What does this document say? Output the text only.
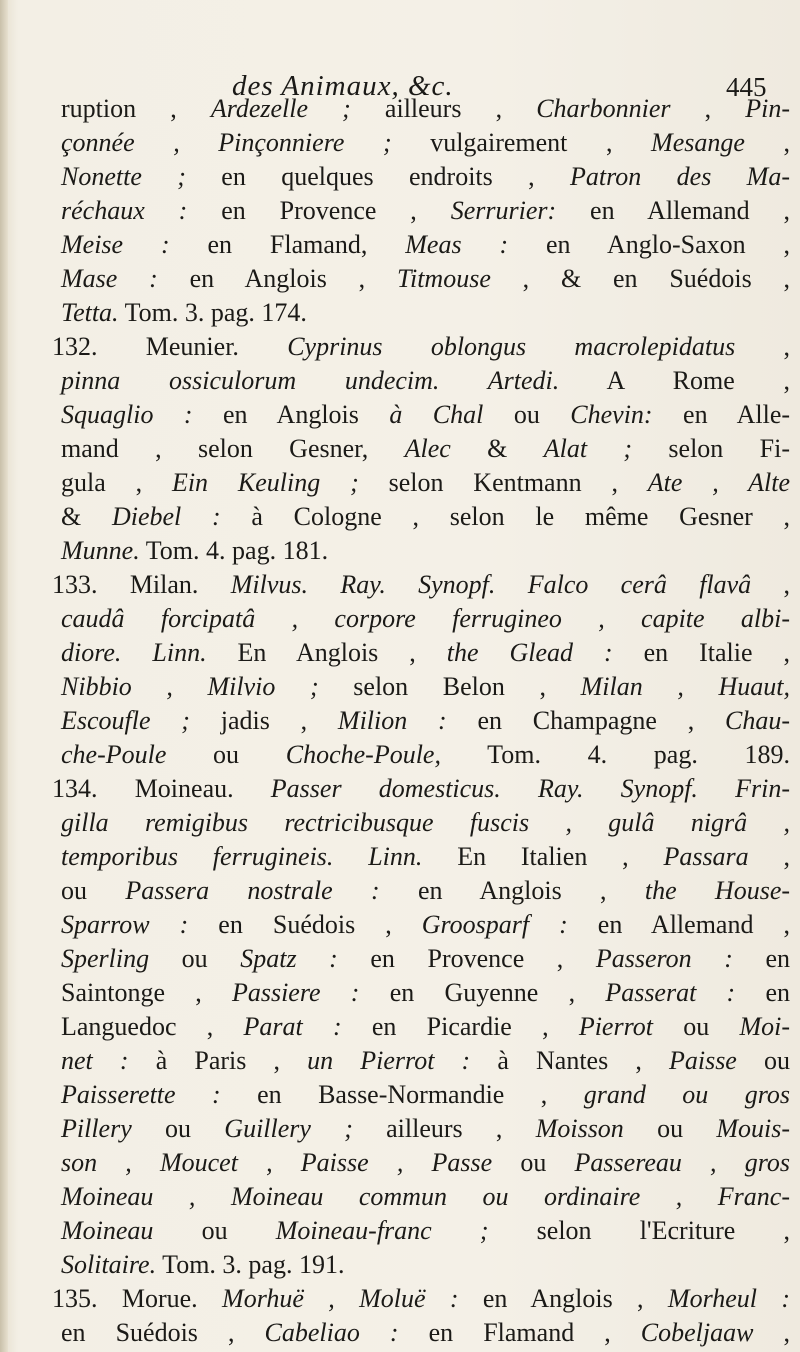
des Animaux, &c.	445
ruption , Ardezelle ; ailleurs , Charbonnier , Pin-
çonnée , Pinçonniere ; vulgairement , Mesange ,
Nonette ; en quelques endroits , Patron des Ma-
réchaux : en Provence , Serrurier: en Allemand ,
Meise : en Flamand, Meas : en Anglo-Saxon ,
Mase : en Anglois , Titmouse , & en Suédois ,
Tetta. Tom. 3. pag. 174.
132. Meunier. Cyprinus oblongus macrolepidatus ,
pinna ossiculorum undecim. Artedi. A Rome ,
Squaglio : en Anglois à Chal ou Chevin: en Alle-
mand , selon Gesner, Alec & Alat ; selon Fi-
gula , Ein Keuling ; selon Kentmann , Ate , Alte
& Diebel : à Cologne , selon le même Gesner ,
Munne. Tom. 4. pag. 181.
133. Milan. Milvus. Ray. Synopf. Falco cerâ flavâ ,
caudâ forcipatâ , corpore ferrugineo , capite albi-
diore. Linn. En Anglois , the Glead : en Italie ,
Nibbio , Milvio ; selon Belon , Milan , Huaut,
Escoufle ; jadis , Milion : en Champagne , Chau-
che-Poule ou Choche-Poule, Tom. 4. pag. 189.
134. Moineau. Passer domesticus. Ray. Synopf. Frin-
gilla remigibus rectricibusque fuscis , gulâ nigrâ ,
temporibus ferrugineis. Linn. En Italien , Passara ,
ou Passera nostrale : en Anglois , the House-
Sparrow : en Suédois , Groosparf : en Allemand ,
Sperling ou Spatz : en Provence , Passeron : en
Saintonge , Passiere : en Guyenne , Passerat : en
Languedoc , Parat : en Picardie , Pierrot ou Moi-
net : à Paris , un Pierrot : à Nantes , Paisse ou
Paisserette : en Basse-Normandie , grand ou gros
Pillery ou Guillery ; ailleurs , Moisson ou Mouis-
son , Moucet , Paisse , Passe ou Passereau , gros
Moineau , Moineau commun ou ordinaire , Franc-
Moineau ou Moineau-franc ; selon l'Ecriture ,
Solitaire. Tom. 3. pag. 191.
135. Morue. Morhuë , Moluë : en Anglois , Morheul :
en Suédois , Cabeliao : en Flamand , Cobeljaaw ,
